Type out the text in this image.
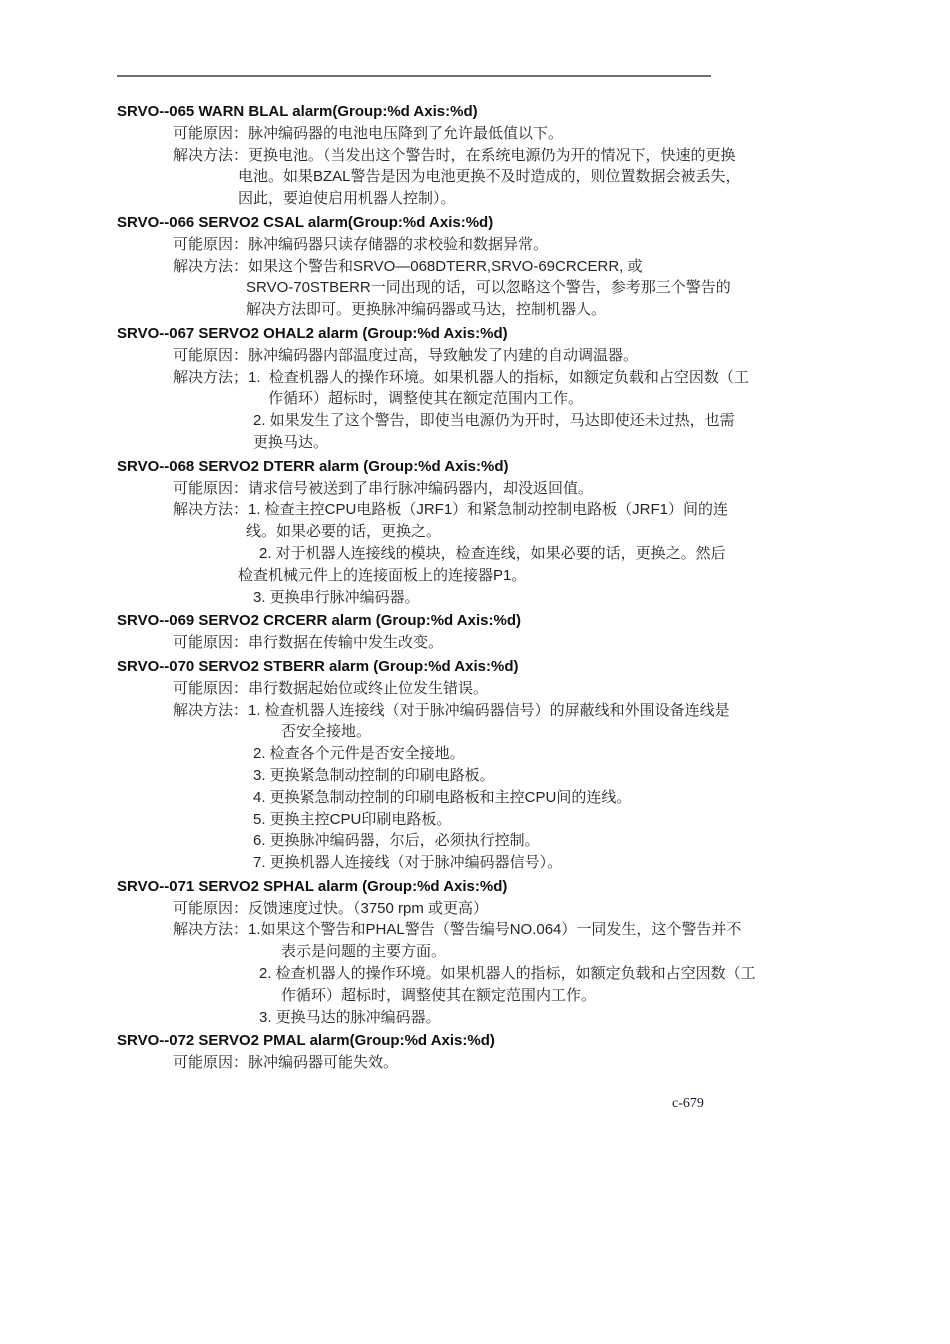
SRVO--065 WARN BLAL alarm(Group:%d Axis:%d)
可能原因：脉冲编码器的电池电压降到了允许最低值以下。
解决方法：更换电池。（当发出这个警告时，在系统电源仍为开的情况下，快速的更换
电池。如果BZAL警告是因为电池更换不及时造成的，则位置数据会被丢失，
因此，要迫使启用机器人控制）。
SRVO--066 SERVO2 CSAL alarm(Group:%d Axis:%d)
可能原因：脉冲编码器只读存储器的求校验和数据异常。
解决方法：如果这个警告和SRVO—068DTERR,SRVO-69CRCERR, 或
SRVO-70STBERR一同出现的话，可以忽略这个警告，参考那三个警告的
解决方法即可。更换脉冲编码器或马达，控制机器人。
SRVO--067 SERVO2 OHAL2 alarm (Group:%d Axis:%d)
可能原因：脉冲编码器内部温度过高，导致触发了内建的自动调温器。
解决方法；1.  检查机器人的操作环境。如果机器人的指标，如额定负载和占空因数（工
作循环）超标时，调整使其在额定范围内工作。
2. 如果发生了这个警告，即使当电源仍为开时，马达即使还未过热，也需
更换马达。
SRVO--068 SERVO2 DTERR alarm (Group:%d Axis:%d)
可能原因：请求信号被送到了串行脉冲编码器内，却没返回值。
解决方法：1. 检查主控CPU电路板（JRF1）和紧急制动控制电路板（JRF1）间的连
线。如果必要的话，更换之。
2. 对于机器人连接线的模块，检查连线，如果必要的话，更换之。然后
检查机械元件上的连接面板上的连接器P1。
3. 更换串行脉冲编码器。
SRVO--069 SERVO2 CRCERR alarm (Group:%d Axis:%d)
可能原因：串行数据在传输中发生改变。
SRVO--070 SERVO2 STBERR alarm (Group:%d Axis:%d)
可能原因：串行数据起始位或终止位发生错误。
解决方法：1. 检查机器人连接线（对于脉冲编码器信号）的屏蔽线和外围设备连线是
否安全接地。
2. 检查各个元件是否安全接地。
3. 更换紧急制动控制的印刷电路板。
4. 更换紧急制动控制的印刷电路板和主控CPU间的连线。
5. 更换主控CPU印刷电路板。
6. 更换脉冲编码器，尔后，必须执行控制。
7. 更换机器人连接线（对于脉冲编码器信号）。
SRVO--071 SERVO2 SPHAL alarm (Group:%d Axis:%d)
可能原因：反馈速度过快。（3750 rpm 或更高）
解决方法：1.如果这个警告和PHAL警告（警告编号NO.064）一同发生，这个警告并不
表示是问题的主要方面。
2. 检查机器人的操作环境。如果机器人的指标，如额定负载和占空因数（工
作循环）超标时，调整使其在额定范围内工作。
3. 更换马达的脉冲编码器。
SRVO--072 SERVO2 PMAL alarm(Group:%d Axis:%d)
可能原因：脉冲编码器可能失效。
c-679
